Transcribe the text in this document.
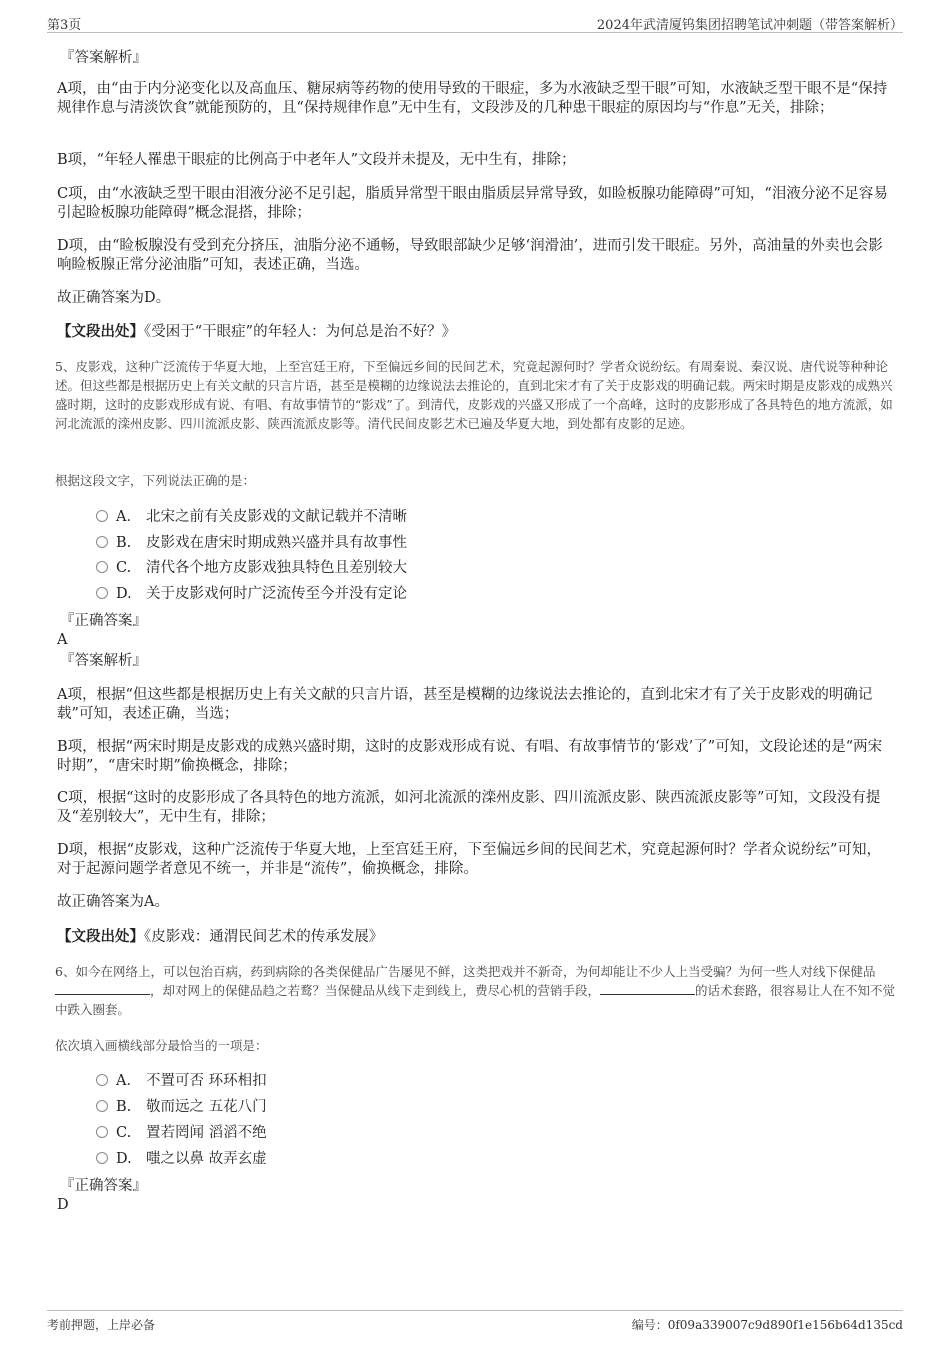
第3页	2024年武清厦钨集团招聘笔试冲刺题（带答案解析）
『答案解析』
A项，由“由于内分泌变化以及高血压、糖尿病等药物的使用导致的干眼症，多为水液缺乏型干眼”可知，水液缺乏型干眼不是“保持规律作息与清淡饮食”就能预防的，且“保持规律作息”无中生有，文段涉及的几种患干眼症的原因均与“作息”无关，排除；
B项，“年轻人罹患干眼症的比例高于中老年人”文段并未提及，无中生有，排除；
C项，由“水液缺乏型干眼由泪液分泌不足引起，脂质异常型干眼由脂质层异常导致，如睑板腺功能障碍”可知，“泪液分泌不足容易引起睑板腺功能障碍”概念混搭，排除；
D项，由“睑板腺没有受到充分挤压，油脂分泌不通畅，导致眼部缺少足够‘润滑油’，进而引发干眼症。另外，高油量的外卖也会影响睑板腺正常分泌油脂”可知，表述正确，当选。
故正确答案为D。
【文段出处】《受困于“干眼症”的年轻人：为何总是治不好？》
5、皮影戏，这种广泛流传于华夏大地，上至宫廷王府，下至偏远乡间的民间艺术，究竟起源何时？学者众说纷纭。有周秦说、秦汉说、唐代说等种种论述。但这些都是根据历史上有关文献的只言片语，甚至是模糊的边缘说法去推论的，直到北宋才有了关于皮影戏的明确记载。两宋时期是皮影戏的成熟兴盛时期，这时的皮影戏形成有说、有唱、有故事情节的“影戏”了。到清代，皮影戏的兴盛又形成了一个高峰，这时的皮影形成了各具特色的地方流派，如河北流派的滦州皮影、四川流派皮影、陕西流派皮影等。清代民间皮影艺术已遍及华夏大地，到处都有皮影的足迹。
根据这段文字，下列说法正确的是：
A． 北宋之前有关皮影戏的文献记载并不清晰
B. 皮影戏在唐宋时期成熟兴盛并具有故事性
C. 清代各个地方皮影戏独具特色且差别较大
D. 关于皮影戏何时广泛流传至今并没有定论
『正确答案』
A
『答案解析』
A项，根据“但这些都是根据历史上有关文献的只言片语，甚至是模糊的边缘说法去推论的，直到北宋才有了关于皮影戏的明确记载”可知，表述正确，当选；
B项，根据“两宋时期是皮影戏的成熟兴盛时期，这时的皮影戏形成有说、有唱、有故事情节的‘影戏’了”可知，文段论述的是“两宋时期”，“唐宋时期”偷换概念，排除；
C项，根据“这时的皮影形成了各具特色的地方流派，如河北流派的滦州皮影、四川流派皮影、陕西流派皮影等”可知，文段没有提及“差别较大”，无中生有，排除；
D项，根据“皮影戏，这种广泛流传于华夏大地，上至宫廷王府，下至偏远乡间的民间艺术，究竟起源何时？学者众说纷纭”可知，对于起源问题学者意见不统一，并非是“流传”，偷换概念，排除。
故正确答案为A。
【文段出处】《皮影戏：通渭民间艺术的传承发展》
6、如今在网络上，可以包治百病，药到病除的各类保健品广告屡见不鲜，这类把戏并不新奇，为何却能让不少人上当受骗？为何一些人对线下保健品，却对网上的保健品趋之若鹜？当保健品从线下走到线上，费尽心机的营销手段，	的话术套路，很容易让人在不知不觉中跌入圈套。
依次填入画横线部分最恰当的一项是：
A． 不置可否 环环相扣
B. 敬而远之 五花八门
C. 置若罔闻 滔滔不绝
D. 嗤之以鼻 故弄玄虚
『正确答案』
D
考前押题，上岸必备	编号：0f09a339007c9d890f1e156b64d135cd
